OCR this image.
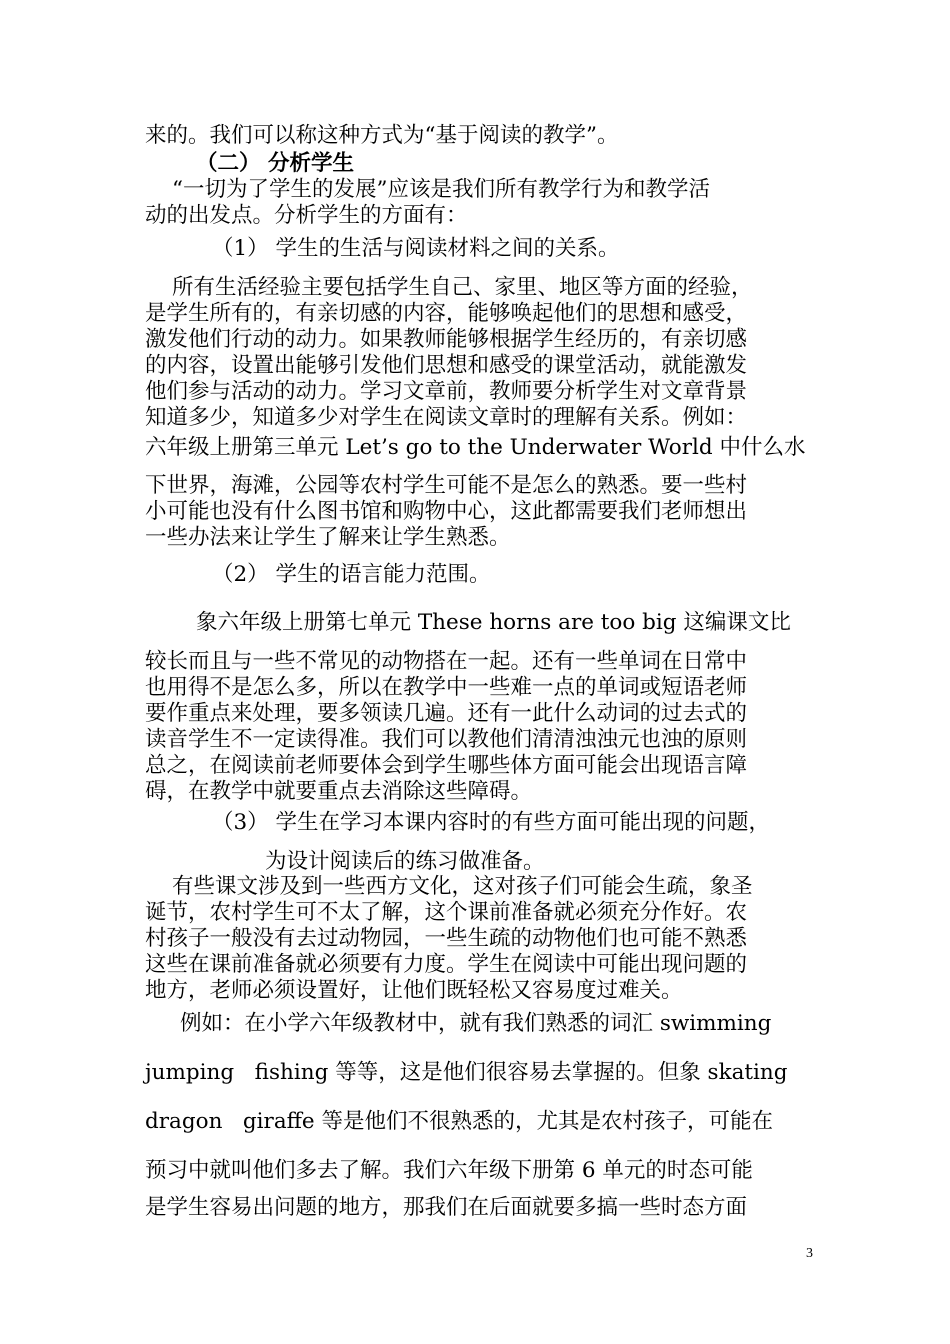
来的。我们可以称这种方式为“基于阅读的教学”。
（二） 分析学生
“一切为了学生的发展”应该是我们所有教学行为和教学活
动的出发点。分析学生的方面有：
（1） 学生的生活与阅读材料之间的关系。
所有生活经验主要包括学生自己、家里、地区等方面的经验，
是学生所有的，有亲切感的内容，能够唤起他们的思想和感受，
激发他们行动的动力。如果教师能够根据学生经历的，有亲切感
的内容，设置出能够引发他们思想和感受的课堂活动，就能激发
他们参与活动的动力。学习文章前，教师要分析学生对文章背景
知道多少，知道多少对学生在阅读文章时的理解有关系。例如：
六年级上册第三单元 Let’s go to the Underwater World 中什么水
下世界，海滩，公园等农村学生可能不是怎么的熟悉。要一些村
小可能也没有什么图书馆和购物中心，这此都需要我们老师想出
一些办法来让学生了解来让学生熟悉。
（2） 学生的语言能力范围。
象六年级上册第七单元 These horns are too big 这编课文比
较长而且与一些不常见的动物搭在一起。还有一些单词在日常中
也用得不是怎么多，所以在教学中一些难一点的单词或短语老师
要作重点来处理，要多领读几遍。还有一此什么动词的过去式的
读音学生不一定读得准。我们可以教他们清清浊浊元也浊的原则
总之，在阅读前老师要体会到学生哪些体方面可能会出现语言障
碍，在教学中就要重点去消除这些障碍。
（3） 学生在学习本课内容时的有些方面可能出现的问题，
为设计阅读后的练习做准备。
有些课文涉及到一些西方文化，这对孩子们可能会生疏，象圣
诞节，农村学生可不太了解，这个课前准备就必须充分作好。农
村孩子一般没有去过动物园，一些生疏的动物他们也可能不熟悉
这些在课前准备就必须要有力度。学生在阅读中可能出现问题的
地方，老师必须设置好，让他们既轻松又容易度过难关。
例如：在小学六年级教材中，就有我们熟悉的词汇 swimming
jumping   fishing 等等，这是他们很容易去掌握的。但象 skating
dragon   giraffe 等是他们不很熟悉的，尤其是农村孩子，可能在
预习中就叫他们多去了解。我们六年级下册第 6 单元的时态可能
是学生容易出问题的地方，那我们在后面就要多搞一些时态方面
3
